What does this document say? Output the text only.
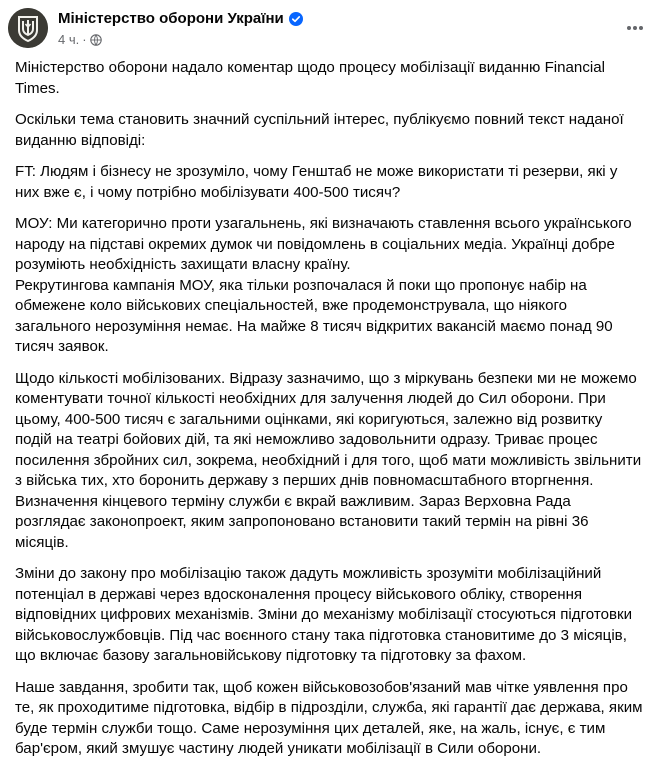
Міністерство оборони України
4 ч. ·

Міністерство оборони надало коментар щодо процесу мобілізації виданню Financial Times.

Оскільки тема становить значний суспільний інтерес, публікуємо повний текст наданої виданню відповіді:

FT: Людям і бізнесу не зрозуміло, чому Генштаб не може використати ті резерви, які у них вже є, і чому потрібно мобілізувати 400-500 тисяч?

МОУ: Ми категорично проти узагальнень, які визначають ставлення всього українського народу на підставі окремих думок чи повідомлень в соціальних медіа. Українці добре розуміють необхідність захищати власну країну.
Рекрутингова кампанія МОУ, яка тільки розпочалася й поки що пропонує набір на обмежене коло військових спеціальностей, вже продемонструвала, що ніякого загального нерозуміння немає. На майже 8 тисяч відкритих вакансій маємо понад 90 тисяч заявок.

Щодо кількості мобілізованих. Відразу зазначимо, що з міркувань безпеки ми не можемо коментувати точної кількості необхідних для залучення людей до Сил оборони. При цьому, 400-500 тисяч є загальними оцінками, які коригуються, залежно від розвитку подій на театрі бойових дій, та які неможливо задовольнити одразу. Триває процес посилення збройних сил, зокрема, необхідний і для того, щоб мати можливість звільнити з війська тих, хто боронить державу з перших днів повномасштабного вторгнення. Визначення кінцевого терміну служби є вкрай важливим. Зараз Верховна Рада розглядає законопроект, яким запропоновано встановити такий термін на рівні 36 місяців.

Зміни до закону про мобілізацію також дадуть можливість зрозуміти мобілізаційний потенціал в державі через вдосконалення процесу військового обліку, створення відповідних цифрових механізмів. Зміни до механізму мобілізації стосуються підготовки військовослужбовців. Під час воєнного стану така підготовка становитиме до 3 місяців, що включає базову загальновійськову підготовку та підготовку за фахом.

Наше завдання, зробити так, щоб кожен військовозобов'язаний мав чітке уявлення про те, як проходитиме підготовка, відбір в підрозділи, служба, які гарантії дає держава, яким буде термін служби тощо. Саме нерозуміння цих деталей, яке, на жаль, існує, є тим бар'єром, який змушує частину людей уникати мобілізації в Сили оборони.
